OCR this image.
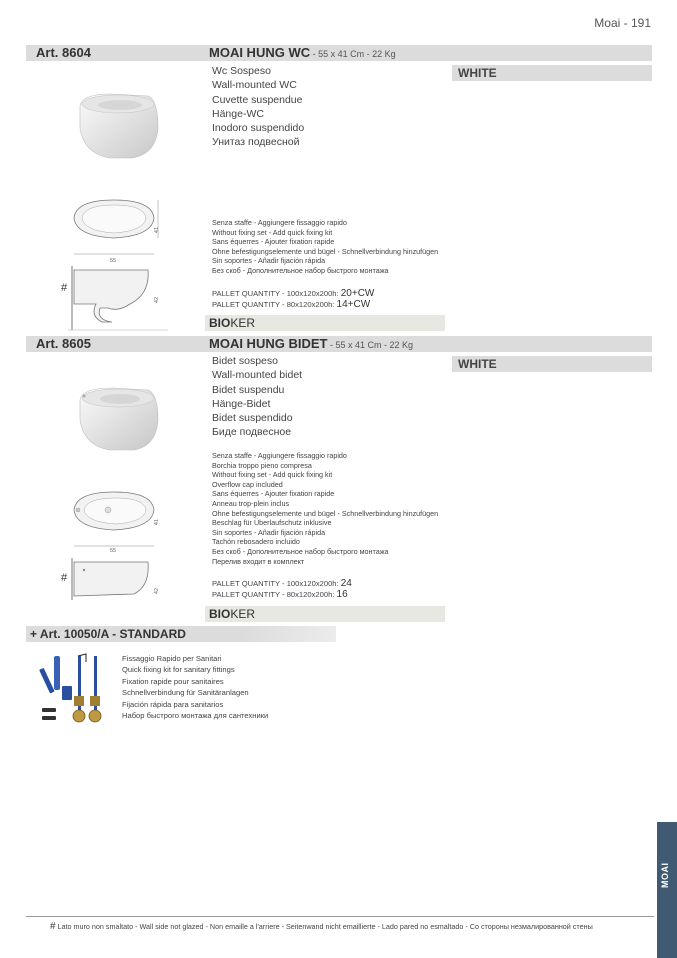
Moai - 191
Art. 8604	MOAI HUNG WC - 55 x 41 Cm - 22 Kg
WHITE
Wc Sospeso
Wall-mounted WC
Cuvette suspendue
Hänge-WC
Inodoro suspendido
Унитаз подвесной
55
41
42
#
Senza staffe - Aggiungere fissaggio rapido
Without fixing set - Add quick fixing kit
Sans équerres - Ajouter fixation rapide
Ohne befestigungselemente und bügel - Schnellverbindung hinzufügen
Sin soportes - Añadir fijación rápida
Без скоб - Дополнительное набор быстрого монтажа
PALLET QUANTITY - 100x120x200h: 20+CW
PALLET QUANTITY - 80x120x200h: 14+CW
BIOKER
Art. 8605	MOAI HUNG BIDET - 55 x 41 Cm - 22 Kg
WHITE
Bidet sospeso
Wall-mounted bidet
Bidet suspendu
Hänge-Bidet
Bidet suspendido
Биде подвесное
55
41
42
#
Senza staffe - Aggiungere fissaggio rapido
Borchia troppo pieno compresa
Without fixing set - Add quick fixing kit
Overflow cap included
Sans équerres - Ajouter fixation rapide
Anneau trop-plein inclus
Ohne befestigungselemente und bügel - Schnellverbindung hinzufügen
Beschlag für Überlaufschutz inklusive
Sin soportes - Añadir fijación rápida
Tachón rebosadero incluido
Без скоб - Дополнительное набор быстрого монтажа
Перелив входит в комплект
PALLET QUANTITY - 100x120x200h: 24
PALLET QUANTITY - 80x120x200h: 16
BIOKER
+ Art. 10050/A - STANDARD
Fissaggio Rapido per Sanitari
Quick fixing kit for sanitary fittings
Fixation rapide pour sanitaires
Schnellverbindung für Sanitäranlagen
Fijación rápida para sanitarios
Набор быстрого монтажа для сантехники
# Lato muro non smaltato - Wall side not glazed - Non emaille a l'arriere - Seitenwand nicht emaillierte - Lado pared no esmaltado - Со стороны незмалированной стены
MOAI
